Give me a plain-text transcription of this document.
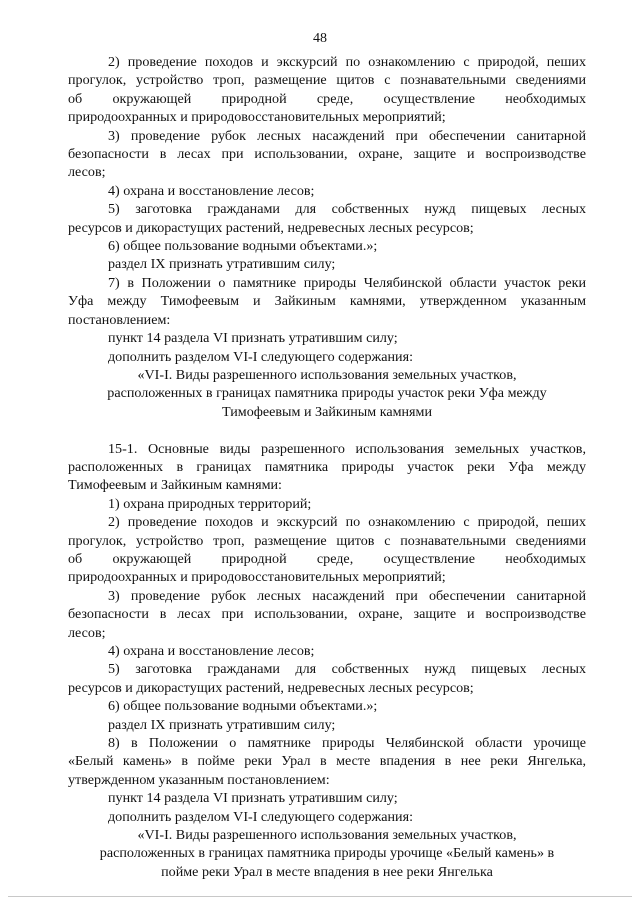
48

2) проведение походов и экскурсий по ознакомлению с природой, пеших

прогулок, устройство троп, размещение щитов с познавательными сведениями

об окружающей природной среде, осуществление необходимых

природоохранных и природовосстановительных мероприятий;

3) проведение рубок лесных насаждений при обеспечении санитарной

безопасности в лесах при использовании, охране, защите и воспроизводстве

лесов;

4) охрана и восстановление лесов;

5) заготовка гражданами для собственных нужд пищевых лесных

ресурсов и дикорастущих растений, недревесных лесных ресурсов;

6) общее пользование водными объектами.»;

раздел IX признать утратившим силу;

7) в Положении о памятнике природы Челябинской области участок реки

Уфа между Тимофеевым и Зайкиным камнями, утвержденном указанным

постановлением:

пункт 14 раздела VI признать утратившим силу;

дополнить разделом VI-I следующего содержания:

«VI-I. Виды разрешенного использования земельных участков,

расположенных в границах памятника природы участок реки Уфа между

Тимофеевым и Зайкиным камнями

15-1. Основные виды разрешенного использования земельных участков,

расположенных в границах памятника природы участок реки Уфа между

Тимофеевым и Зайкиным камнями:

1) охрана природных территорий;

2) проведение походов и экскурсий по ознакомлению с природой, пеших

прогулок, устройство троп, размещение щитов с познавательными сведениями

об окружающей природной среде, осуществление необходимых

природоохранных и природовосстановительных мероприятий;

3) проведение рубок лесных насаждений при обеспечении санитарной

безопасности в лесах при использовании, охране, защите и воспроизводстве

лесов;

4) охрана и восстановление лесов;

5) заготовка гражданами для собственных нужд пищевых лесных

ресурсов и дикорастущих растений, недревесных лесных ресурсов;

6) общее пользование водными объектами.»;

раздел IX признать утратившим силу;

8) в Положении о памятнике природы Челябинской области урочище

«Белый камень» в пойме реки Урал в месте впадения в нее реки Янгелька,

утвержденном указанным постановлением:

пункт 14 раздела VI признать утратившим силу;

дополнить разделом VI-I следующего содержания:

«VI-I. Виды разрешенного использования земельных участков,

расположенных в границах памятника природы урочище «Белый камень» в

пойме реки Урал в месте впадения в нее реки Янгелька
